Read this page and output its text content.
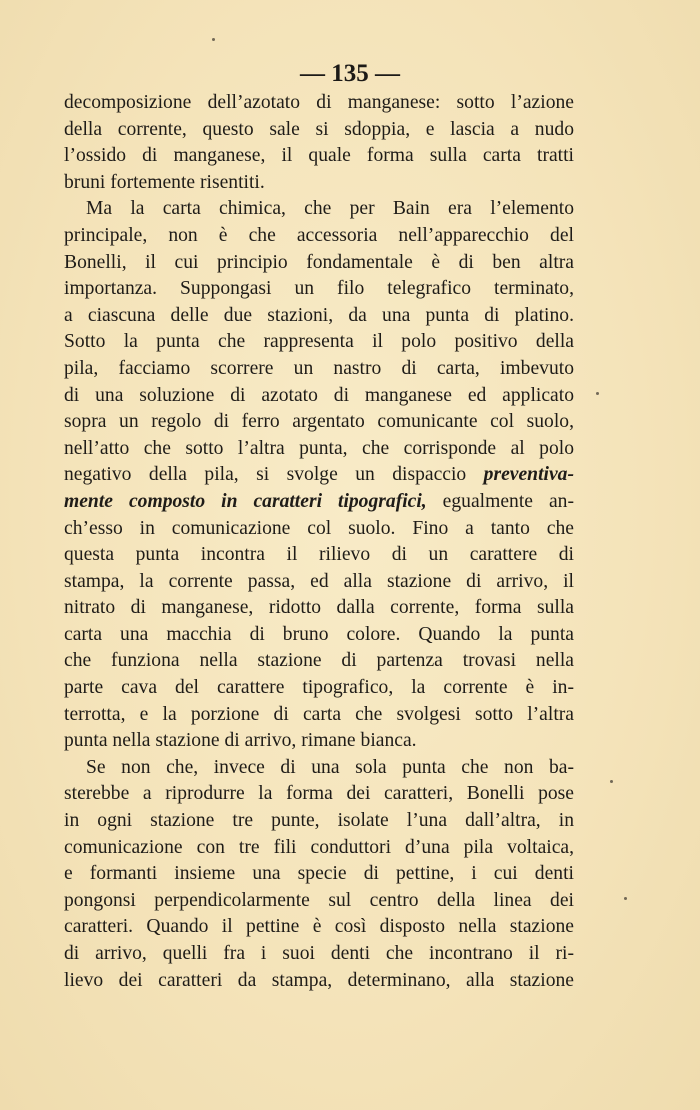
— 135 —
decomposizione dell’azotato di manganese: sotto l’azione
della corrente, questo sale si sdoppia, e lascia a nudo
l’ossido di manganese, il quale forma sulla carta tratti
bruni fortemente risentiti.
Ma la carta chimica, che per Bain era l’elemento
principale, non è che accessoria nell’apparecchio del
Bonelli, il cui principio fondamentale è di ben altra
importanza. Suppongasi un filo telegrafico terminato,
a ciascuna delle due stazioni, da una punta di platino.
Sotto la punta che rappresenta il polo positivo della
pila, facciamo scorrere un nastro di carta, imbevuto
di una soluzione di azotato di manganese ed applicato
sopra un regolo di ferro argentato comunicante col suolo,
nell’atto che sotto l’altra punta, che corrisponde al polo
negativo della pila, si svolge un dispaccio preventiva-
mente composto in caratteri tipografici, egualmente an-
ch’esso in comunicazione col suolo. Fino a tanto che
questa punta incontra il rilievo di un carattere di
stampa, la corrente passa, ed alla stazione di arrivo, il
nitrato di manganese, ridotto dalla corrente, forma sulla
carta una macchia di bruno colore. Quando la punta
che funziona nella stazione di partenza trovasi nella
parte cava del carattere tipografico, la corrente è in-
terrotta, e la porzione di carta che svolgesi sotto l’altra
punta nella stazione di arrivo, rimane bianca.
Se non che, invece di una sola punta che non ba-
sterebbe a riprodurre la forma dei caratteri, Bonelli pose
in ogni stazione tre punte, isolate l’una dall’altra, in
comunicazione con tre fili conduttori d’una pila voltaica,
e formanti insieme una specie di pettine, i cui denti
pongonsi perpendicolarmente sul centro della linea dei
caratteri. Quando il pettine è così disposto nella stazione
di arrivo, quelli fra i suoi denti che incontrano il ri-
lievo dei caratteri da stampa, determinano, alla stazione
